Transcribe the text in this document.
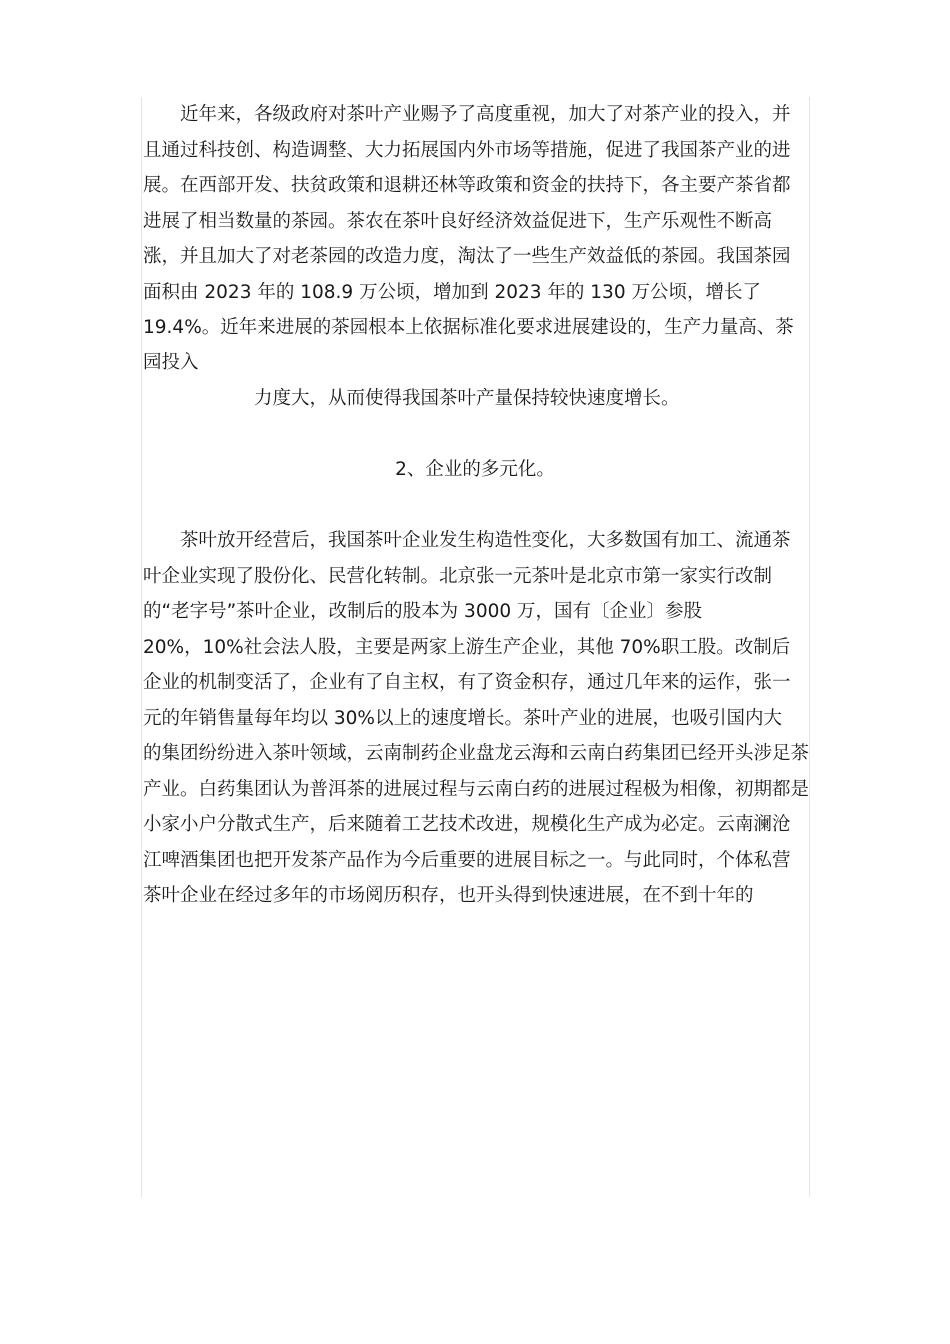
近年来，各级政府对茶叶产业赐予了高度重视，加大了对茶产业的投入，并
且通过科技创、构造调整、大力拓展国内外市场等措施，促进了我国茶产业的进
展。在西部开发、扶贫政策和退耕还林等政策和资金的扶持下，各主要产茶省都
进展了相当数量的茶园。茶农在茶叶良好经济效益促进下，生产乐观性不断高
涨，并且加大了对老茶园的改造力度，淘汰了一些生产效益低的茶园。我国茶园
面积由 2023 年的 108.9 万公顷，增加到 2023 年的 130 万公顷，增长了
19.4%。近年来进展的茶园根本上依据标准化要求进展建设的，生产力量高、茶
园投入
力度大，从而使得我国茶叶产量保持较快速度增长。
2、企业的多元化。
茶叶放开经营后，我国茶叶企业发生构造性变化，大多数国有加工、流通茶
叶企业实现了股份化、民营化转制。北京张一元茶叶是北京市第一家实行改制
的“老字号”茶叶企业，改制后的股本为 3000 万，国有〔企业〕参股
20%，10%社会法人股，主要是两家上游生产企业，其他 70%职工股。改制后
企业的机制变活了，企业有了自主权，有了资金积存，通过几年来的运作，张一
元的年销售量每年均以 30%以上的速度增长。茶叶产业的进展，也吸引国内大
的集团纷纷进入茶叶领域，云南制药企业盘龙云海和云南白药集团已经开头涉足茶
产业。白药集团认为普洱茶的进展过程与云南白药的进展过程极为相像，初期都是
小家小户分散式生产，后来随着工艺技术改进，规模化生产成为必定。云南澜沧
江啤酒集团也把开发茶产品作为今后重要的进展目标之一。与此同时，个体私营
茶叶企业在经过多年的市场阅历积存，也开头得到快速进展，在不到十年的
